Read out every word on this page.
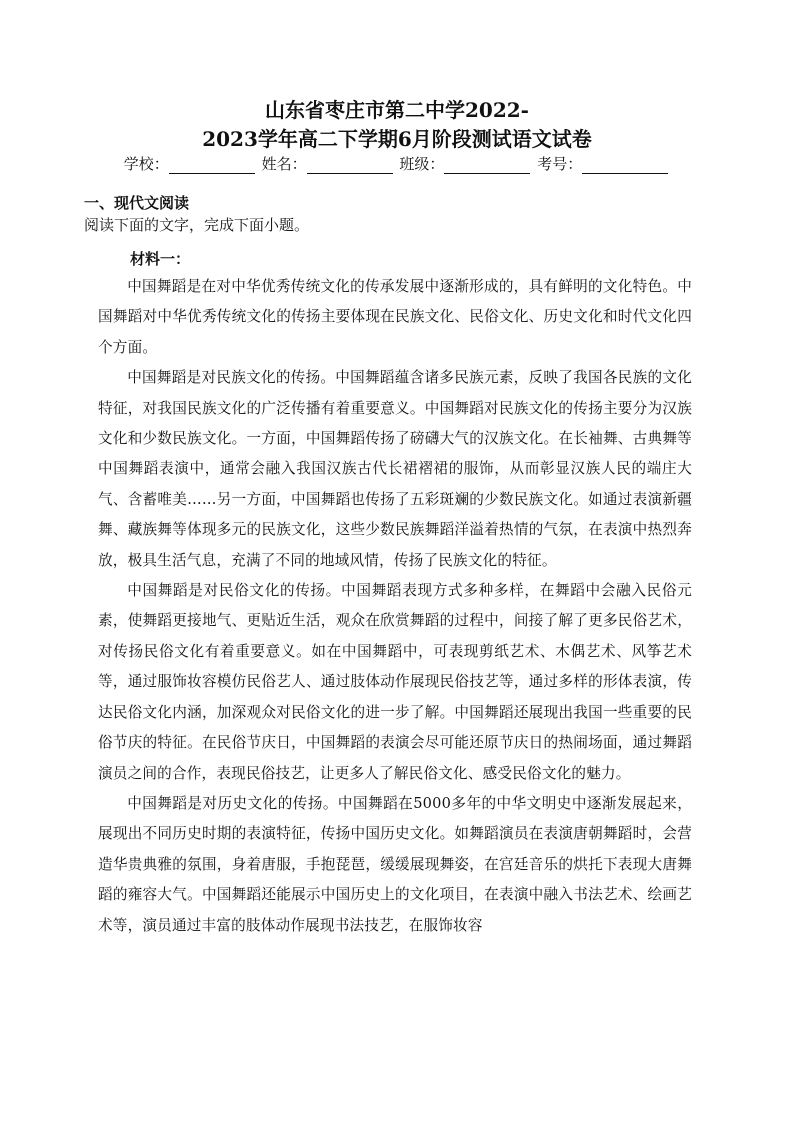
山东省枣庄市第二中学2022-
2023学年高二下学期6月阶段测试语文试卷
学校：	姓名：	班级：	考号：
一、现代文阅读

阅读下面的文字，完成下面小题。

材料一：

中国舞蹈是在对中华优秀传统文化的传承发展中逐渐形成的，具有鲜明的文化特色。中国舞蹈对中华优秀传统文化的传扬主要体现在民族文化、民俗文化、历史文化和时代文化四个方面。

中国舞蹈是对民族文化的传扬。中国舞蹈蕴含诸多民族元素，反映了我国各民族的文化特征，对我国民族文化的广泛传播有着重要意义。中国舞蹈对民族文化的传扬主要分为汉族文化和少数民族文化。一方面，中国舞蹈传扬了磅礴大气的汉族文化。在长袖舞、古典舞等中国舞蹈表演中，通常会融入我国汉族古代长裙褶裙的服饰，从而彰显汉族人民的端庄大气、含蓄唯美……另一方面，中国舞蹈也传扬了五彩斑斓的少数民族文化。如通过表演新疆舞、藏族舞等体现多元的民族文化，这些少数民族舞蹈洋溢着热情的气氛，在表演中热烈奔放，极具生活气息，充满了不同的地域风情，传扬了民族文化的特征。

中国舞蹈是对民俗文化的传扬。中国舞蹈表现方式多种多样，在舞蹈中会融入民俗元素，使舞蹈更接地气、更贴近生活，观众在欣赏舞蹈的过程中，间接了解了更多民俗艺术，对传扬民俗文化有着重要意义。如在中国舞蹈中，可表现剪纸艺术、木偶艺术、风筝艺术等，通过服饰妆容模仿民俗艺人、通过肢体动作展现民俗技艺等，通过多样的形体表演，传达民俗文化内涵，加深观众对民俗文化的进一步了解。中国舞蹈还展现出我国一些重要的民俗节庆的特征。在民俗节庆日，中国舞蹈的表演会尽可能还原节庆日的热闹场面，通过舞蹈演员之间的合作，表现民俗技艺，让更多人了解民俗文化、感受民俗文化的魅力。

中国舞蹈是对历史文化的传扬。中国舞蹈在5000多年的中华文明史中逐渐发展起来，展现出不同历史时期的表演特征，传扬中国历史文化。如舞蹈演员在表演唐朝舞蹈时，会营造华贵典雅的氛围，身着唐服，手抱琵琶，缓缓展现舞姿，在宫廷音乐的烘托下表现大唐舞蹈的雍容大气。中国舞蹈还能展示中国历史上的文化项目，在表演中融入书法艺术、绘画艺术等，演员通过丰富的肢体动作展现书法技艺，在服饰妆容
